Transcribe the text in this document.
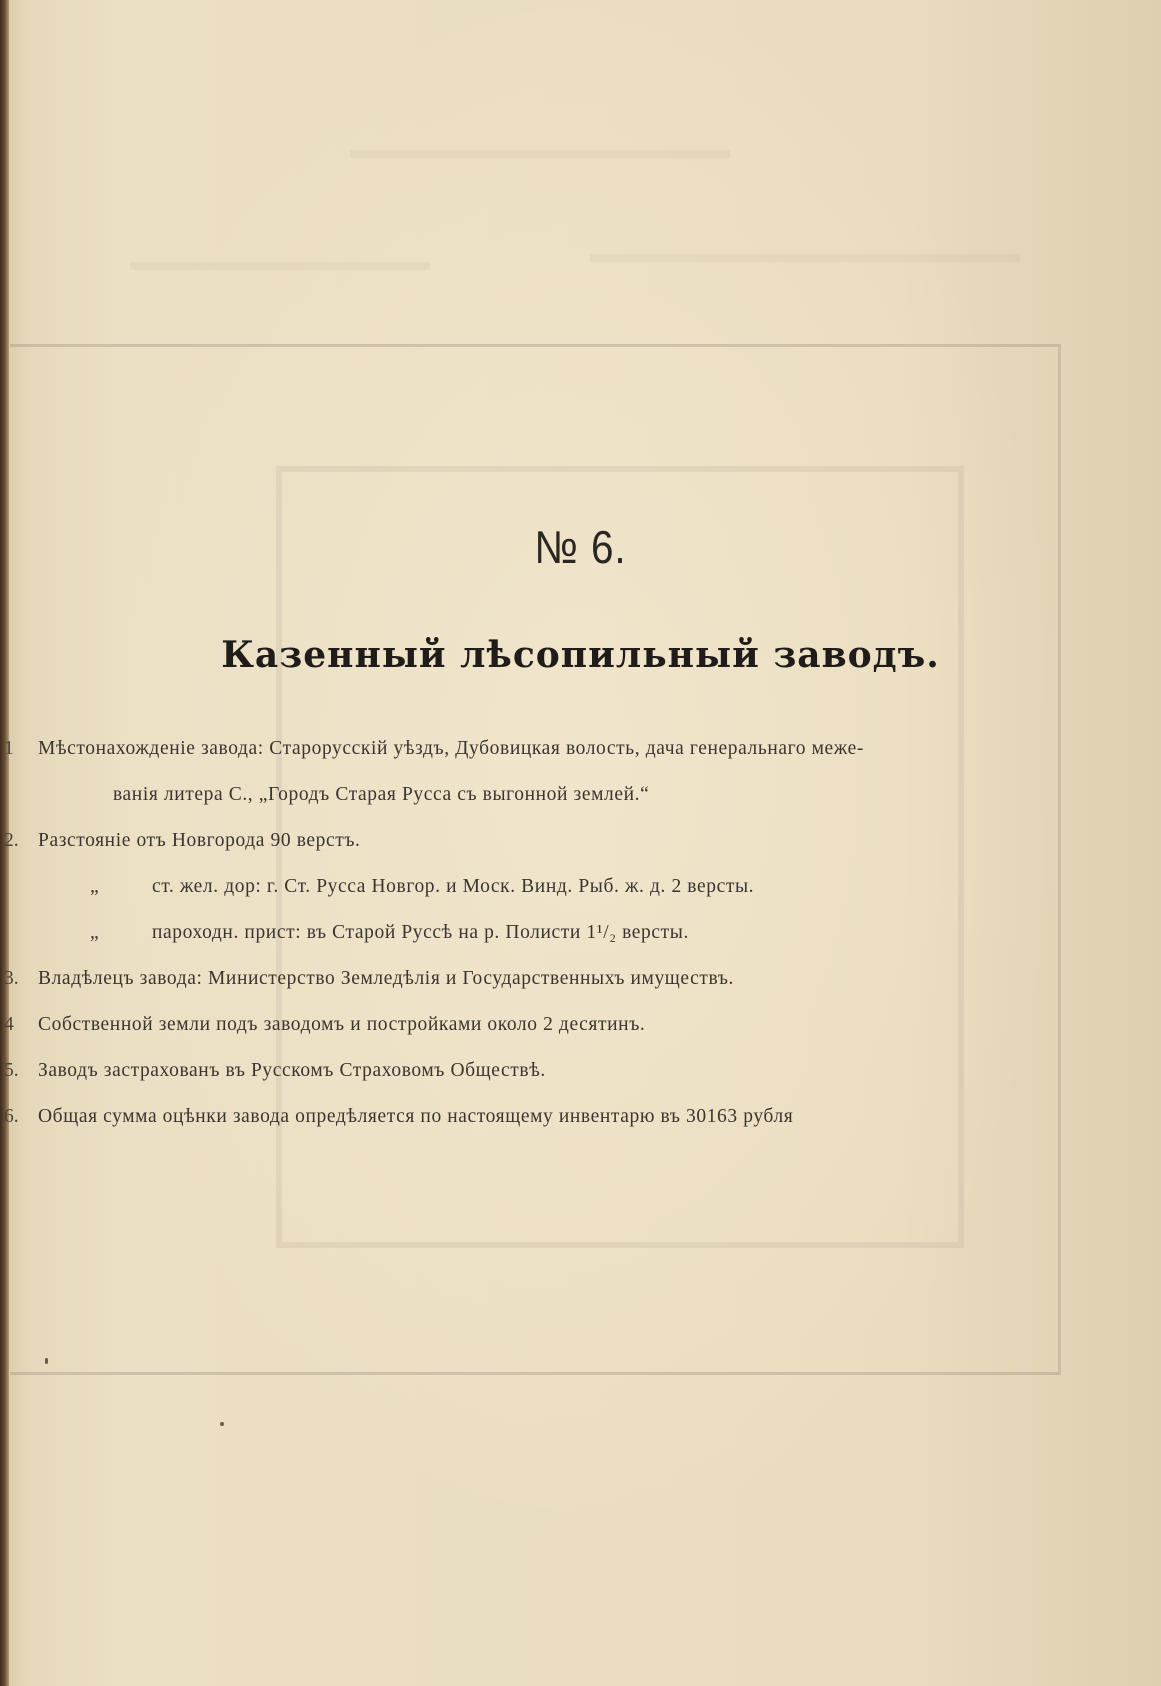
№ 6.
Казенный лѣсопильный заводъ.
1 Мѣстонахожденіе завода: Старорусскій уѣздъ, Дубовицкая волость, дача генеральнаго меже-
ванія литера С., „Городъ Старая Русса съ выгонной землей.“
2. Разстояніе отъ Новгорода 90 верстъ.
„	ст. жел. дор: г. Ст. Русса Новгор. и Моск. Винд. Рыб. ж. д. 2 версты.
„	пароходн. прист: въ Старой Руссѣ на р. Полисти 1¹/₂ версты.
3. Владѣлецъ завода: Министерство Земледѣлія и Государственныхъ имуществъ.
4 Собственной земли подъ заводомъ и постройками около 2 десятинъ.
5. Заводъ застрахованъ въ Русскомъ Страховомъ Обществѣ.
6. Общая сумма оцѣнки завода опредѣляется по настоящему инвентарю въ 30163 рубля
